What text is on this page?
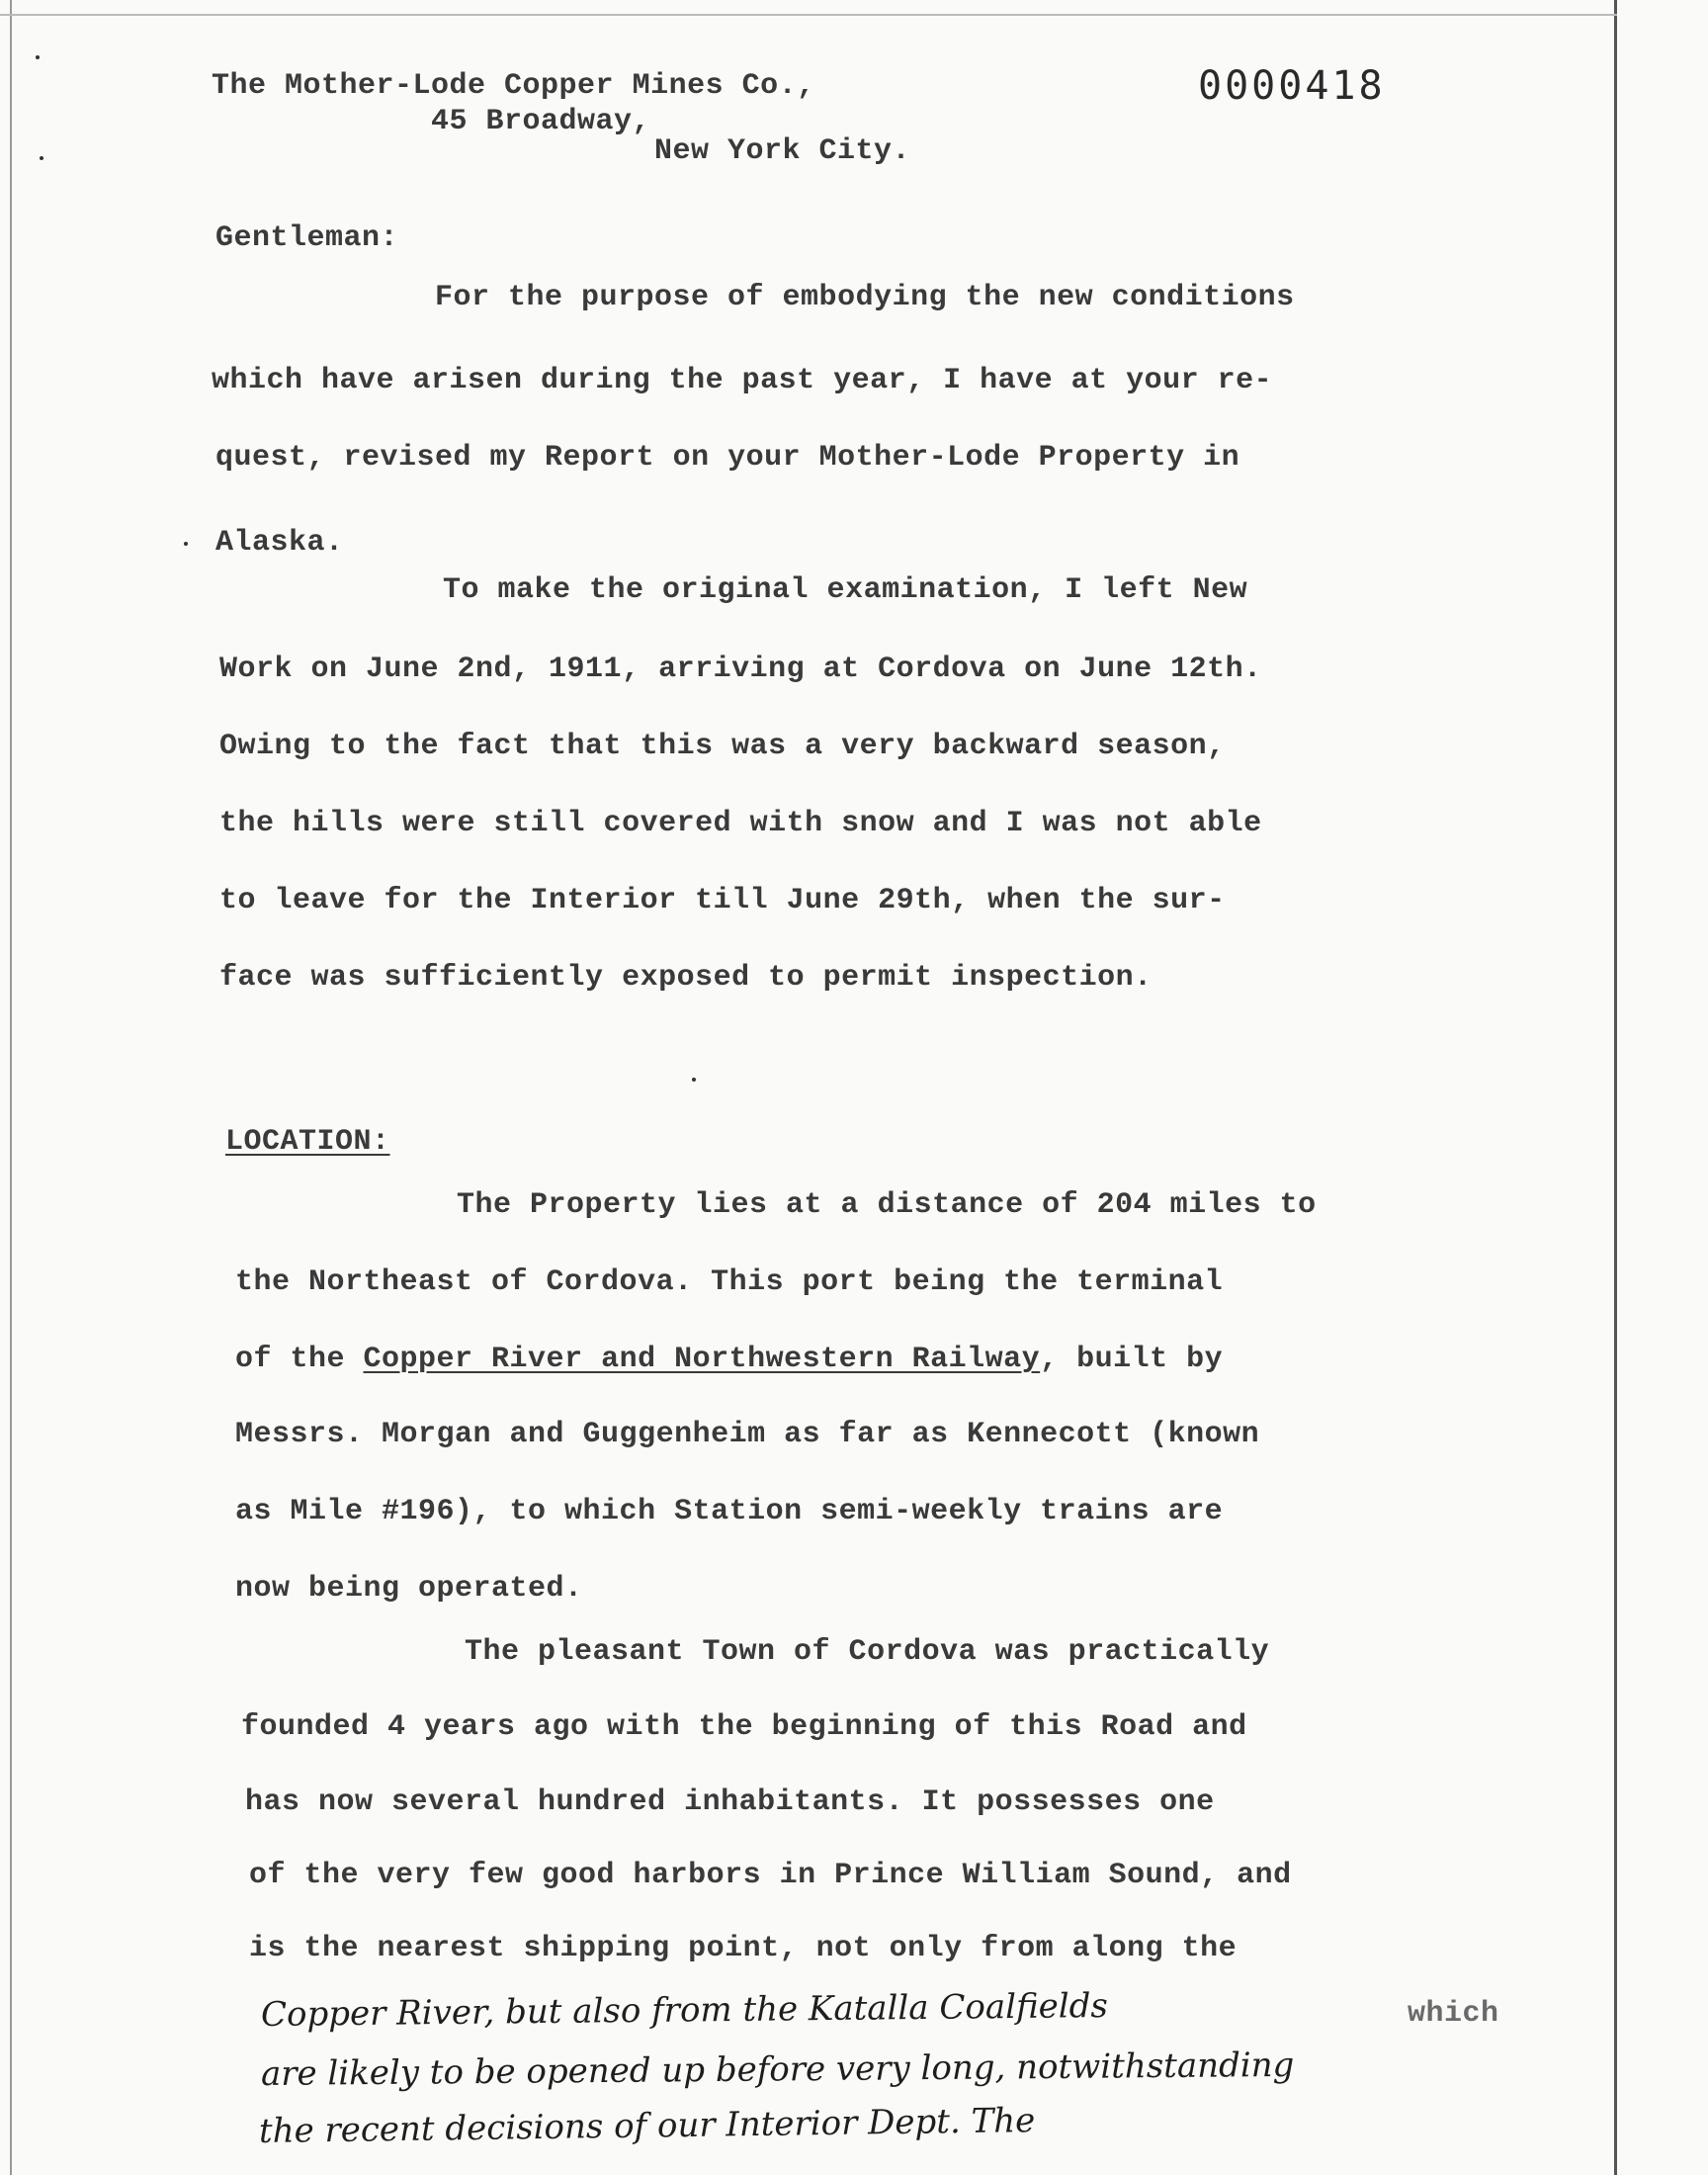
0000418
The Mother-Lode Copper Mines Co.,
45 Broadway,
New York City.
Gentleman:
For the purpose of embodying the new conditions
which have arisen during the past year, I have at your re-
quest, revised my Report on your Mother-Lode Property in
Alaska.
To make the original examination, I left New
Work on June 2nd, 1911, arriving at Cordova on June 12th.
Owing to the fact that this was a very backward season,
the hills were still covered with snow and I was not able
to leave for the Interior till June 29th, when the sur-
face was sufficiently exposed to permit inspection.
LOCATION:
The Property lies at a distance of 204 miles to
the Northeast of Cordova. This port being the terminal
of the Copper River and Northwestern Railway, built by
Messrs. Morgan and Guggenheim as far as Kennecott (known
as Mile #196), to which Station semi-weekly trains are
now being operated.
The pleasant Town of Cordova was practically
founded 4 years ago with the beginning of this Road and
has now several hundred inhabitants. It possesses one
of the very few good harbors in Prince William Sound, and
is the nearest shipping point, not only from along the
Copper River, but also from the Katalla Coalfields	which
are likely to be opened up before very long, notwithstanding
the recent decisions of our Interior Dept. The
